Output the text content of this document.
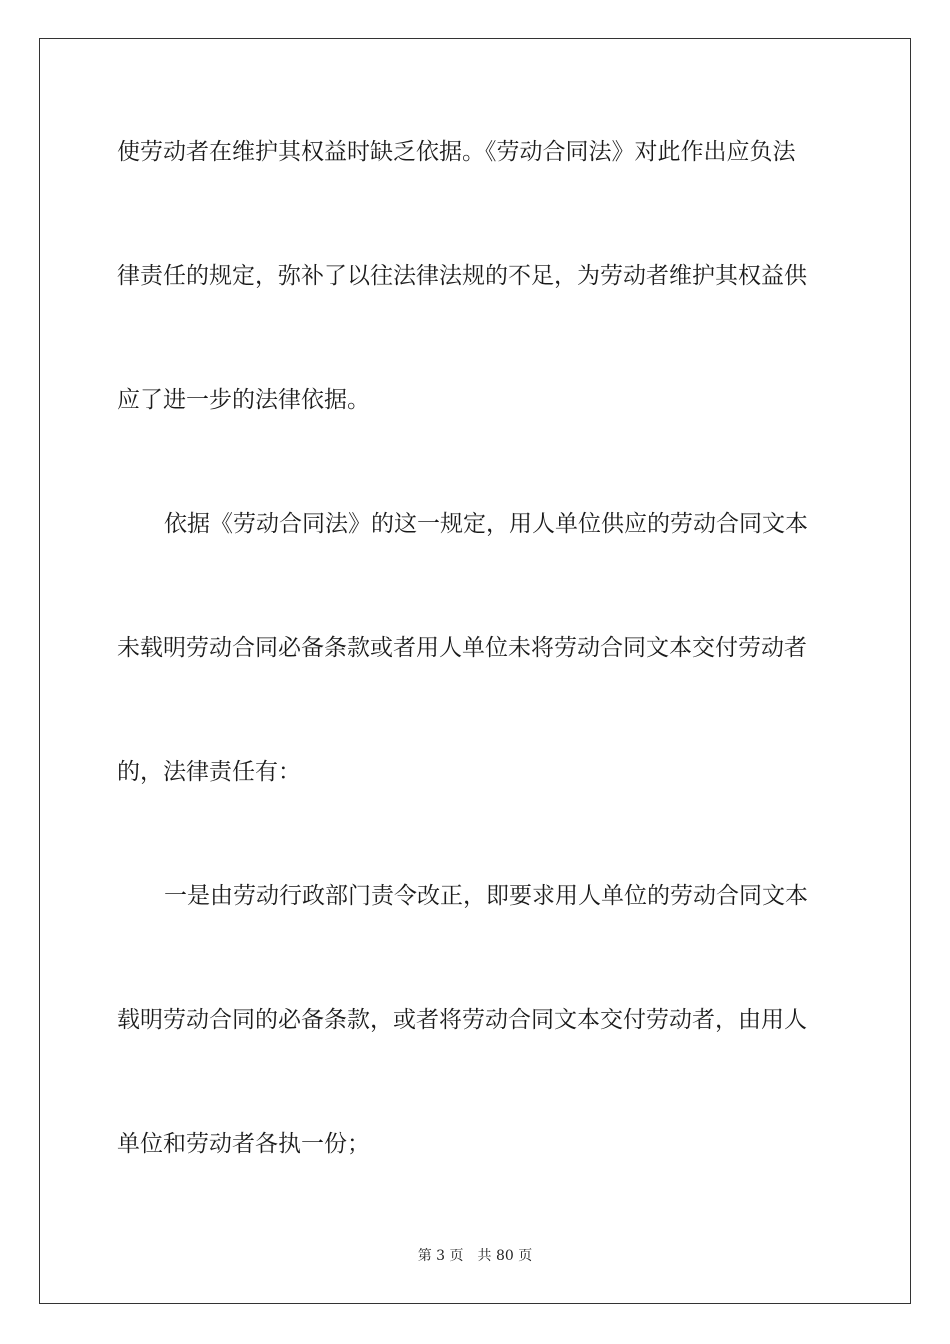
使劳动者在维护其权益时缺乏依据。《劳动合同法》对此作出应负法
律责任的规定，弥补了以往法律法规的不足，为劳动者维护其权益供
应了进一步的法律依据。
依据《劳动合同法》的这一规定，用人单位供应的劳动合同文本
未载明劳动合同必备条款或者用人单位未将劳动合同文本交付劳动者
的，法律责任有：
一是由劳动行政部门责令改正，即要求用人单位的劳动合同文本
载明劳动合同的必备条款，或者将劳动合同文本交付劳动者，由用人
单位和劳动者各执一份；
第 3 页 共 80 页
